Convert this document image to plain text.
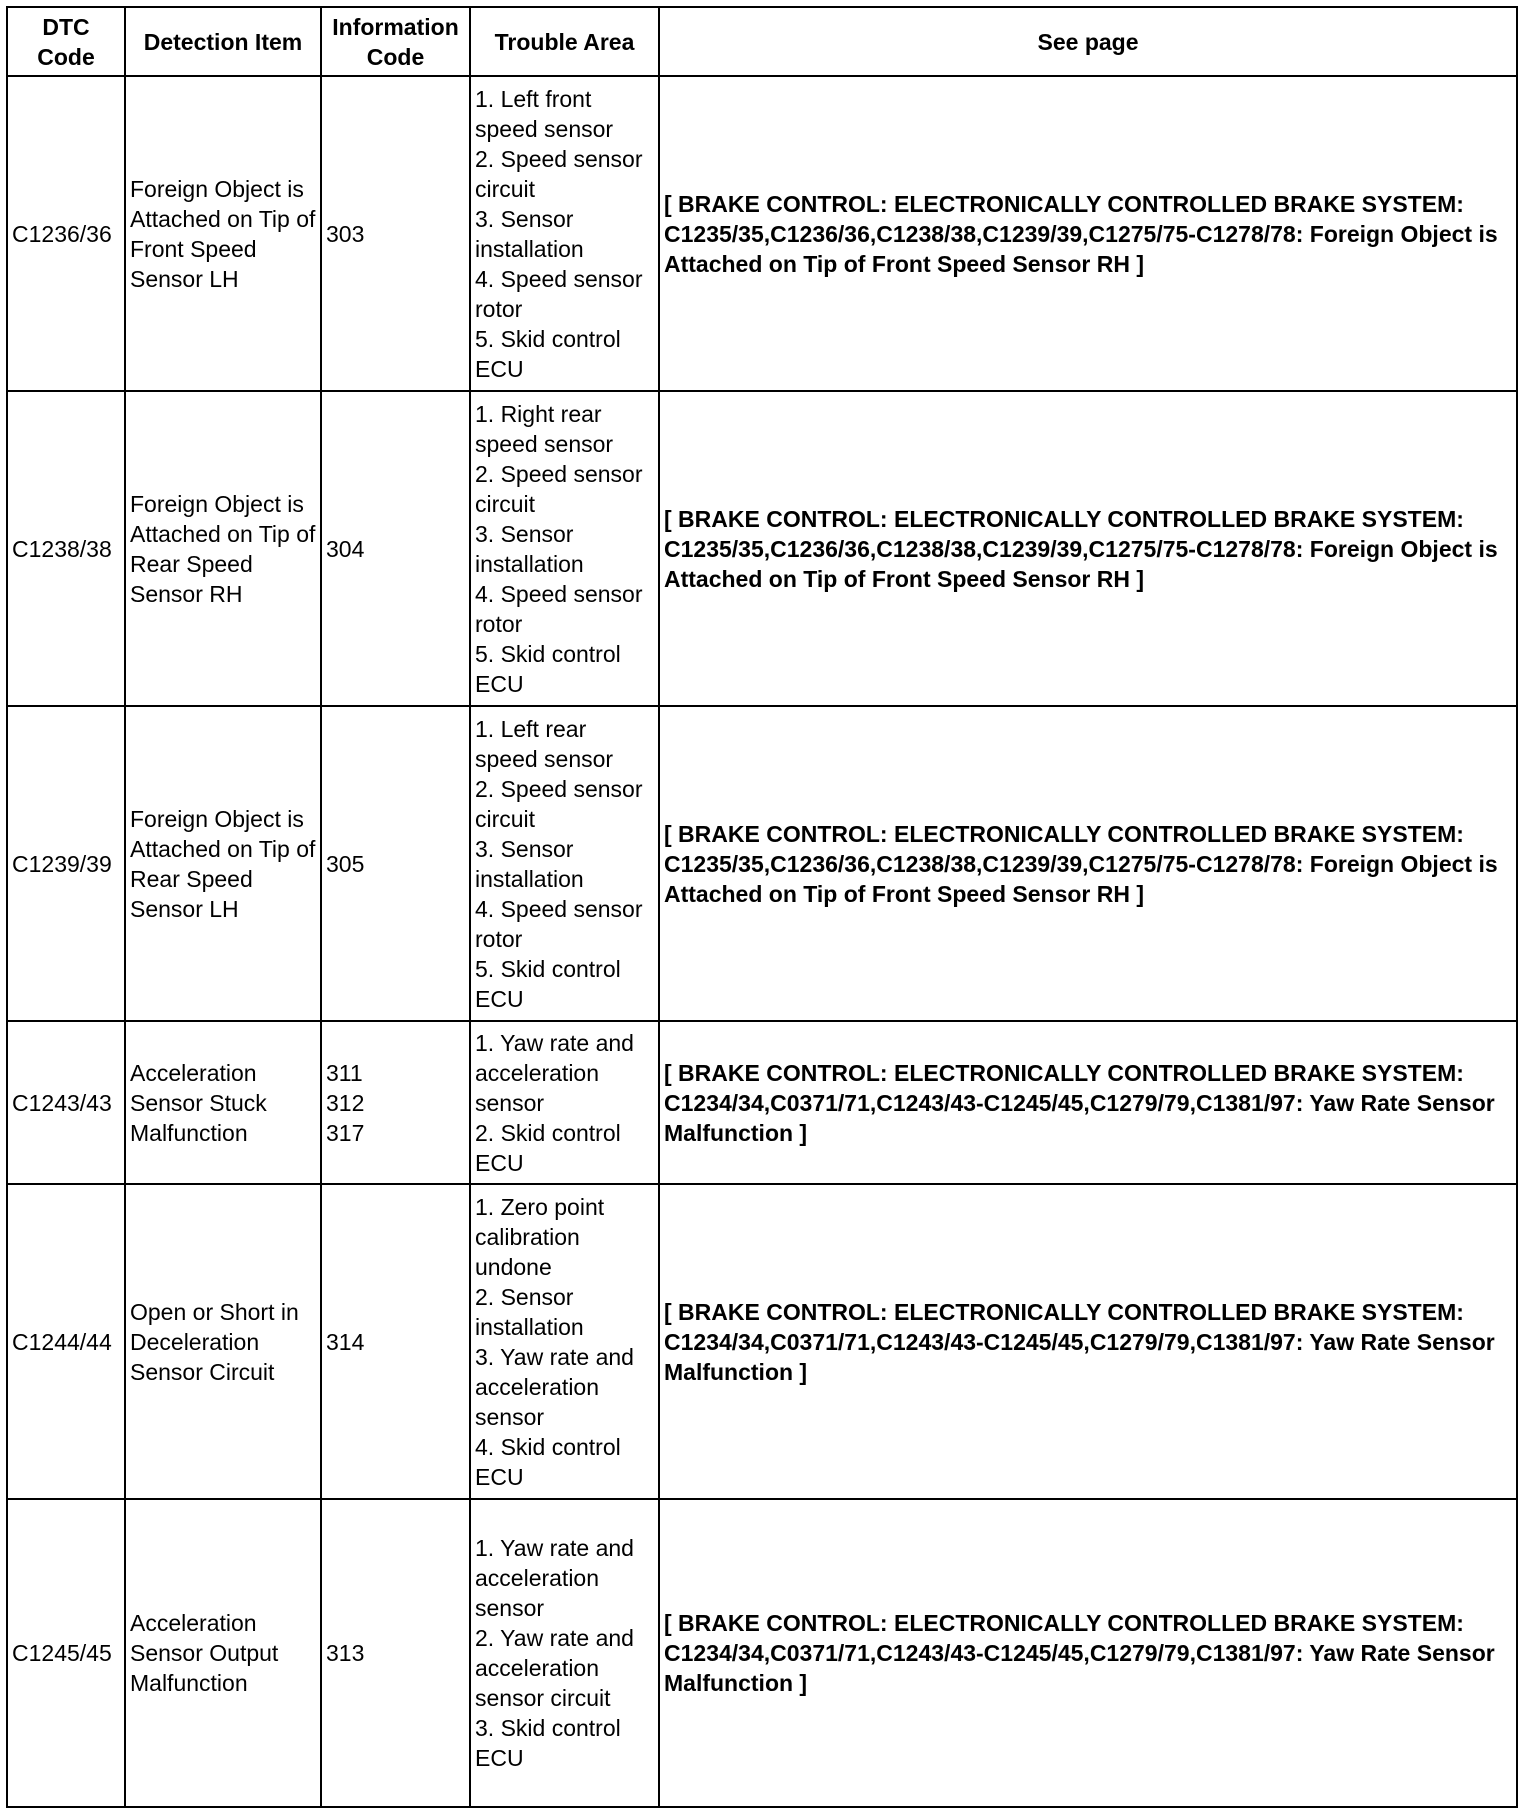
DTC Code	Detection Item	Information Code	Trouble Area	See page
C1236/36	Foreign Object is Attached on Tip of Front Speed Sensor LH	303	1. Left front speed sensor
2. Speed sensor circuit
3. Sensor installation
4. Speed sensor rotor
5. Skid control ECU	[ BRAKE CONTROL: ELECTRONICALLY CONTROLLED BRAKE SYSTEM: C1235/35,C1236/36,C1238/38,C1239/39,C1275/75-C1278/78: Foreign Object is Attached on Tip of Front Speed Sensor RH ]
C1238/38	Foreign Object is Attached on Tip of Rear Speed Sensor RH	304	1. Right rear speed sensor
2. Speed sensor circuit
3. Sensor installation
4. Speed sensor rotor
5. Skid control ECU	[ BRAKE CONTROL: ELECTRONICALLY CONTROLLED BRAKE SYSTEM: C1235/35,C1236/36,C1238/38,C1239/39,C1275/75-C1278/78: Foreign Object is Attached on Tip of Front Speed Sensor RH ]
C1239/39	Foreign Object is Attached on Tip of Rear Speed Sensor LH	305	1. Left rear speed sensor
2. Speed sensor circuit
3. Sensor installation
4. Speed sensor rotor
5. Skid control ECU	[ BRAKE CONTROL: ELECTRONICALLY CONTROLLED BRAKE SYSTEM: C1235/35,C1236/36,C1238/38,C1239/39,C1275/75-C1278/78: Foreign Object is Attached on Tip of Front Speed Sensor RH ]
C1243/43	Acceleration Sensor Stuck Malfunction	311
312
317	1. Yaw rate and acceleration sensor
2. Skid control ECU	[ BRAKE CONTROL: ELECTRONICALLY CONTROLLED BRAKE SYSTEM: C1234/34,C0371/71,C1243/43-C1245/45,C1279/79,C1381/97: Yaw Rate Sensor Malfunction ]
C1244/44	Open or Short in Deceleration Sensor Circuit	314	1. Zero point calibration undone
2. Sensor installation
3. Yaw rate and acceleration sensor
4. Skid control ECU	[ BRAKE CONTROL: ELECTRONICALLY CONTROLLED BRAKE SYSTEM: C1234/34,C0371/71,C1243/43-C1245/45,C1279/79,C1381/97: Yaw Rate Sensor Malfunction ]
C1245/45	Acceleration Sensor Output Malfunction	313	1. Yaw rate and acceleration sensor
2. Yaw rate and acceleration sensor circuit
3. Skid control ECU	[ BRAKE CONTROL: ELECTRONICALLY CONTROLLED BRAKE SYSTEM: C1234/34,C0371/71,C1243/43-C1245/45,C1279/79,C1381/97: Yaw Rate Sensor Malfunction ]
